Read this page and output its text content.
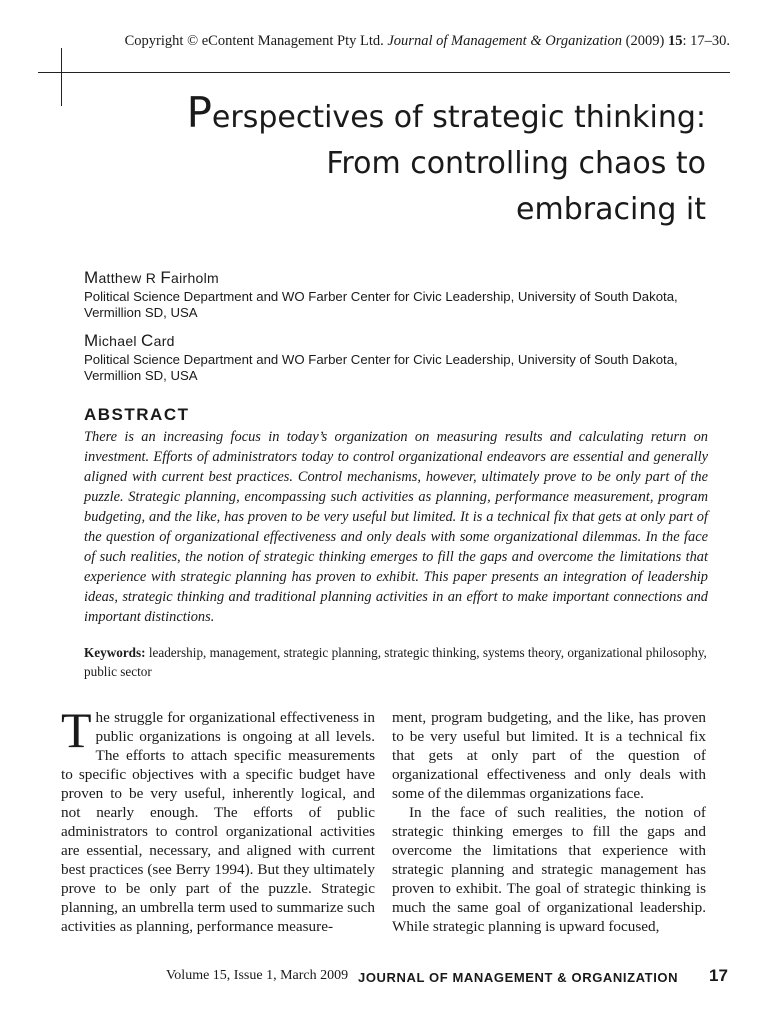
Copyright © eContent Management Pty Ltd. Journal of Management & Organization (2009) 15: 17–30.
Perspectives of strategic thinking:
From controlling chaos to
embracing it
Matthew R Fairholm
Political Science Department and WO Farber Center for Civic Leadership, University of South Dakota, Vermillion SD, USA
Michael Card
Political Science Department and WO Farber Center for Civic Leadership, University of South Dakota, Vermillion SD, USA
ABSTRACT

There is an increasing focus in today’s organization on measuring results and calculating return on investment. Efforts of administrators today to control organizational endeavors are essential and generally aligned with current best practices. Control mechanisms, however, ultimately prove to be only part of the puzzle. Strategic planning, encompassing such activities as planning, performance measurement, program budgeting, and the like, has proven to be very useful but limited. It is a technical fix that gets at only part of the question of organizational effectiveness and only deals with some organizational dilemmas. In the face of such realities, the notion of strategic thinking emerges to fill the gaps and overcome the limitations that experience with strategic planning has proven to exhibit. This paper presents an integration of leadership ideas, strategic thinking and traditional planning activities in an effort to make important connections and important distinctions.

Keywords: leadership, management, strategic planning, strategic thinking, systems theory, organizational philosophy, public sector

The struggle for organizational effectiveness in public organizations is ongoing at all levels. The efforts to attach specific measurements to specific objectives with a specific budget have proven to be very useful, inherently logical, and not nearly enough. The efforts of public administrators to control organizational activities are essential, necessary, and aligned with current best practices (see Berry 1994). But they ultimately prove to be only part of the puzzle. Strategic planning, an umbrella term used to summarize such activities as planning, performance measure-

ment, program budgeting, and the like, has proven to be very useful but limited. It is a technical fix that gets at only part of the question of organizational effectiveness and only deals with some of the dilemmas organizations face.

In the face of such realities, the notion of strategic thinking emerges to fill the gaps and overcome the limitations that experience with strategic planning and strategic management has proven to exhibit. The goal of strategic thinking is much the same goal of organizational leadership. While strategic planning is upward focused,

Volume 15, Issue 1, March 2009 JOURNAL OF MANAGEMENT & ORGANIZATION 17
